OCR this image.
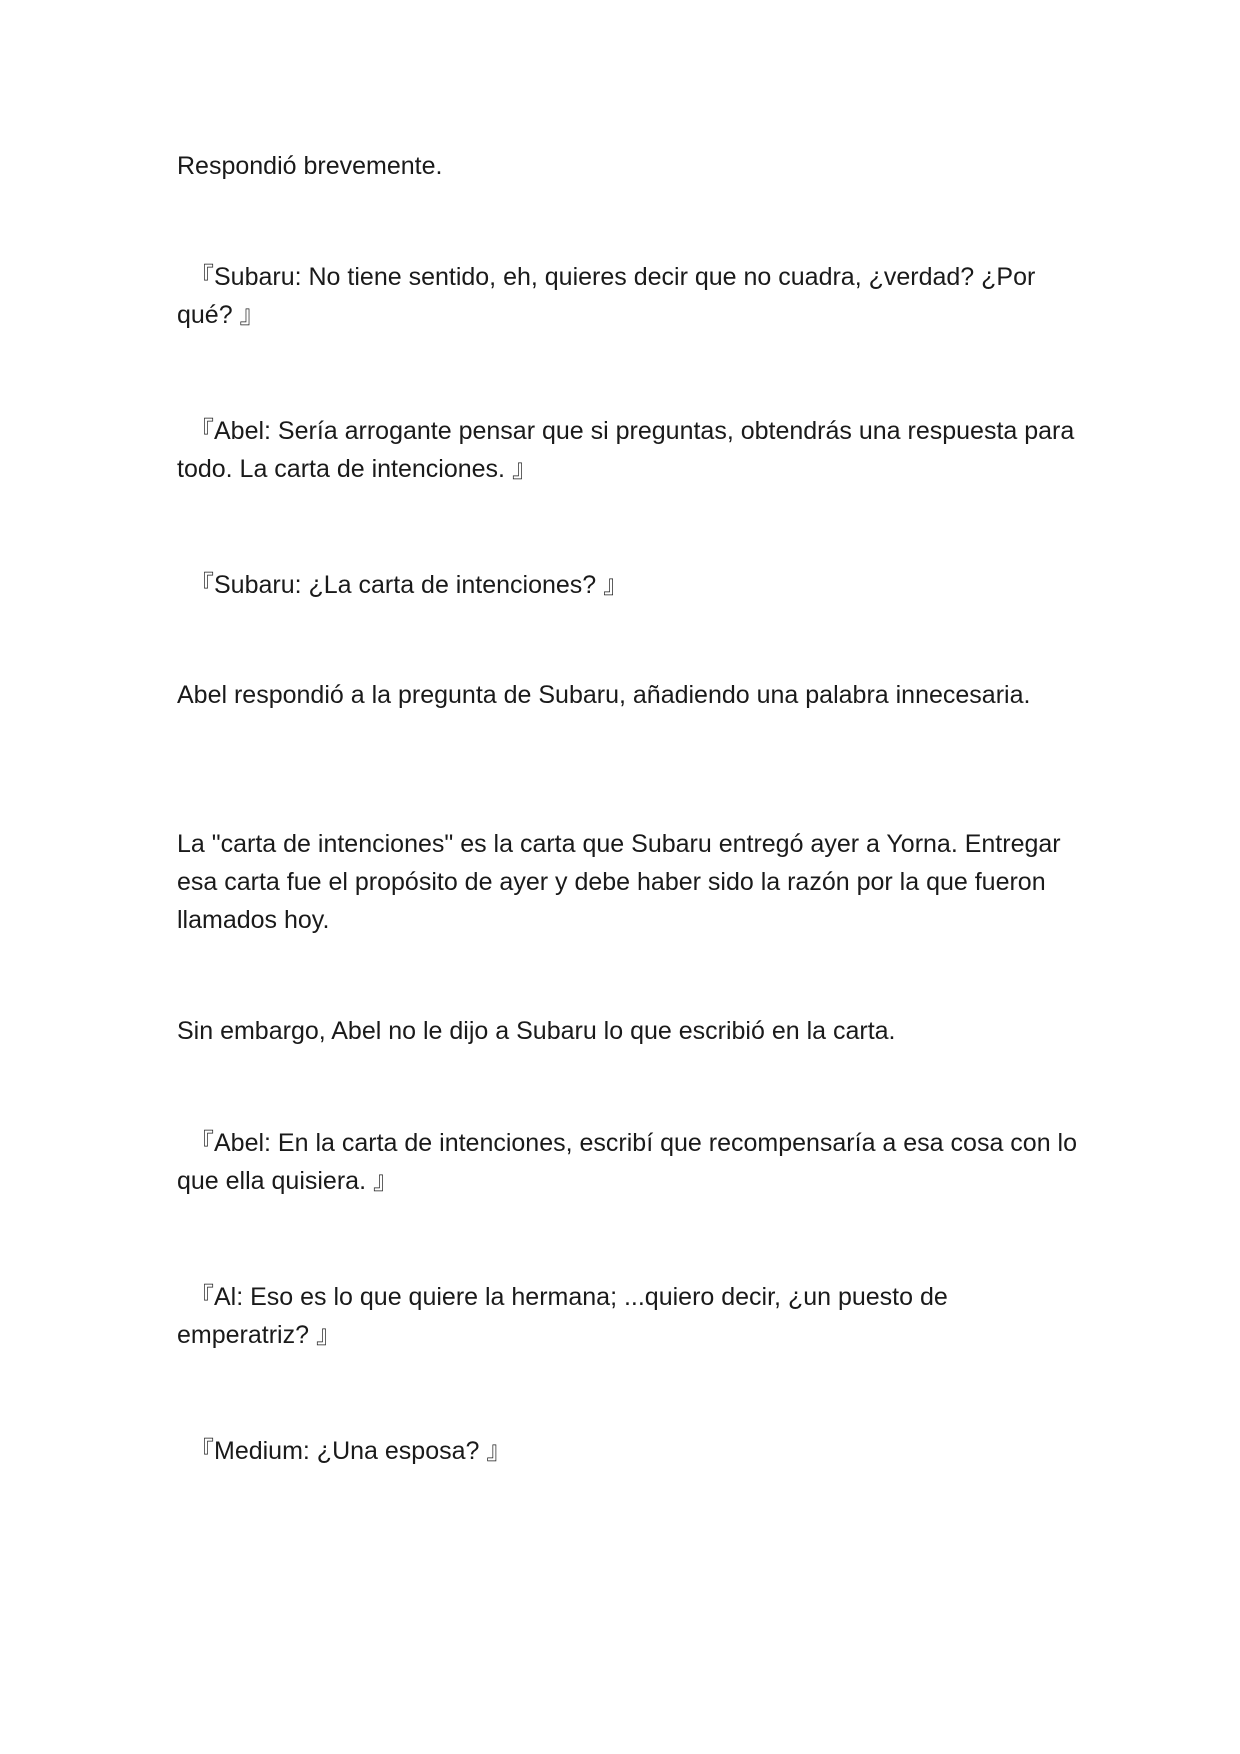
Respondió brevemente.

『Subaru: No tiene sentido, eh, quieres decir que no cuadra, ¿verdad? ¿Por qué? 』

『Abel: Sería arrogante pensar que si preguntas, obtendrás una respuesta para todo. La carta de intenciones. 』

『Subaru: ¿La carta de intenciones? 』

Abel respondió a la pregunta de Subaru, añadiendo una palabra innecesaria.

La "carta de intenciones" es la carta que Subaru entregó ayer a Yorna. Entregar esa carta fue el propósito de ayer y debe haber sido la razón por la que fueron llamados hoy.

Sin embargo, Abel no le dijo a Subaru lo que escribió en la carta.

『Abel: En la carta de intenciones, escribí que recompensaría a esa cosa con lo que ella quisiera. 』

『Al: Eso es lo que quiere la hermana; ...quiero decir, ¿un puesto de emperatriz? 』

『Medium: ¿Una esposa? 』
